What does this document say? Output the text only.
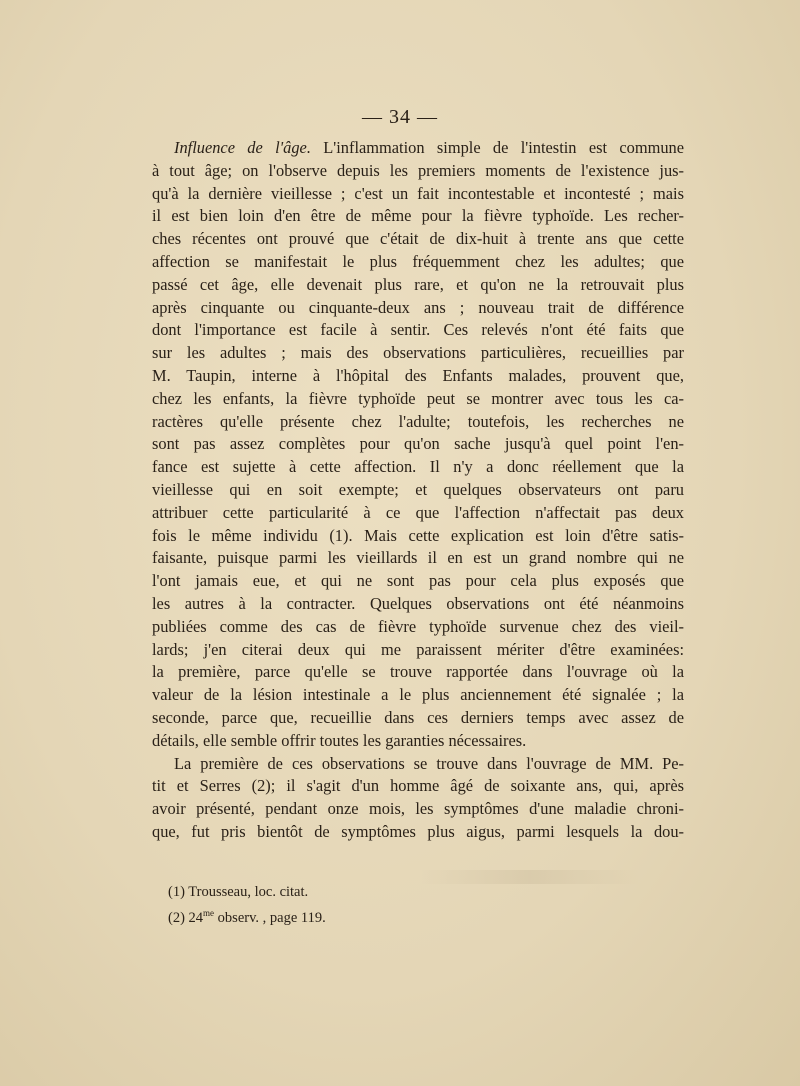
— 34 —
Influence de l'âge. L'inflammation simple de l'intestin est commune
à tout âge; on l'observe depuis les premiers moments de l'existence jus-
qu'à la dernière vieillesse ; c'est un fait incontestable et incontesté ; mais
il est bien loin d'en être de même pour la fièvre typhoïde. Les recher-
ches récentes ont prouvé que c'était de dix-huit à trente ans que cette
affection se manifestait le plus fréquemment chez les adultes; que
passé cet âge, elle devenait plus rare, et qu'on ne la retrouvait plus
après cinquante ou cinquante-deux ans ; nouveau trait de différence
dont l'importance est facile à sentir. Ces relevés n'ont été faits que
sur les adultes ; mais des observations particulières, recueillies par
M. Taupin, interne à l'hôpital des Enfants malades, prouvent que,
chez les enfants, la fièvre typhoïde peut se montrer avec tous les ca-
ractères qu'elle présente chez l'adulte; toutefois, les recherches ne
sont pas assez complètes pour qu'on sache jusqu'à quel point l'en-
fance est sujette à cette affection. Il n'y a donc réellement que la
vieillesse qui en soit exempte; et quelques observateurs ont paru
attribuer cette particularité à ce que l'affection n'affectait pas deux
fois le même individu (1). Mais cette explication est loin d'être satis-
faisante, puisque parmi les vieillards il en est un grand nombre qui ne
l'ont jamais eue, et qui ne sont pas pour cela plus exposés que
les autres à la contracter. Quelques observations ont été néanmoins
publiées comme des cas de fièvre typhoïde survenue chez des vieil-
lards; j'en citerai deux qui me paraissent mériter d'être examinées:
la première, parce qu'elle se trouve rapportée dans l'ouvrage où la
valeur de la lésion intestinale a le plus anciennement été signalée ; la
seconde, parce que, recueillie dans ces derniers temps avec assez de
détails, elle semble offrir toutes les garanties nécessaires.
La première de ces observations se trouve dans l'ouvrage de MM. Pe-
tit et Serres (2); il s'agit d'un homme âgé de soixante ans, qui, après
avoir présenté, pendant onze mois, les symptômes d'une maladie chroni-
que, fut pris bientôt de symptômes plus aigus, parmi lesquels la dou-
(1) Trousseau, loc. citat.
(2) $24^{me}$ observ. , page 119.
